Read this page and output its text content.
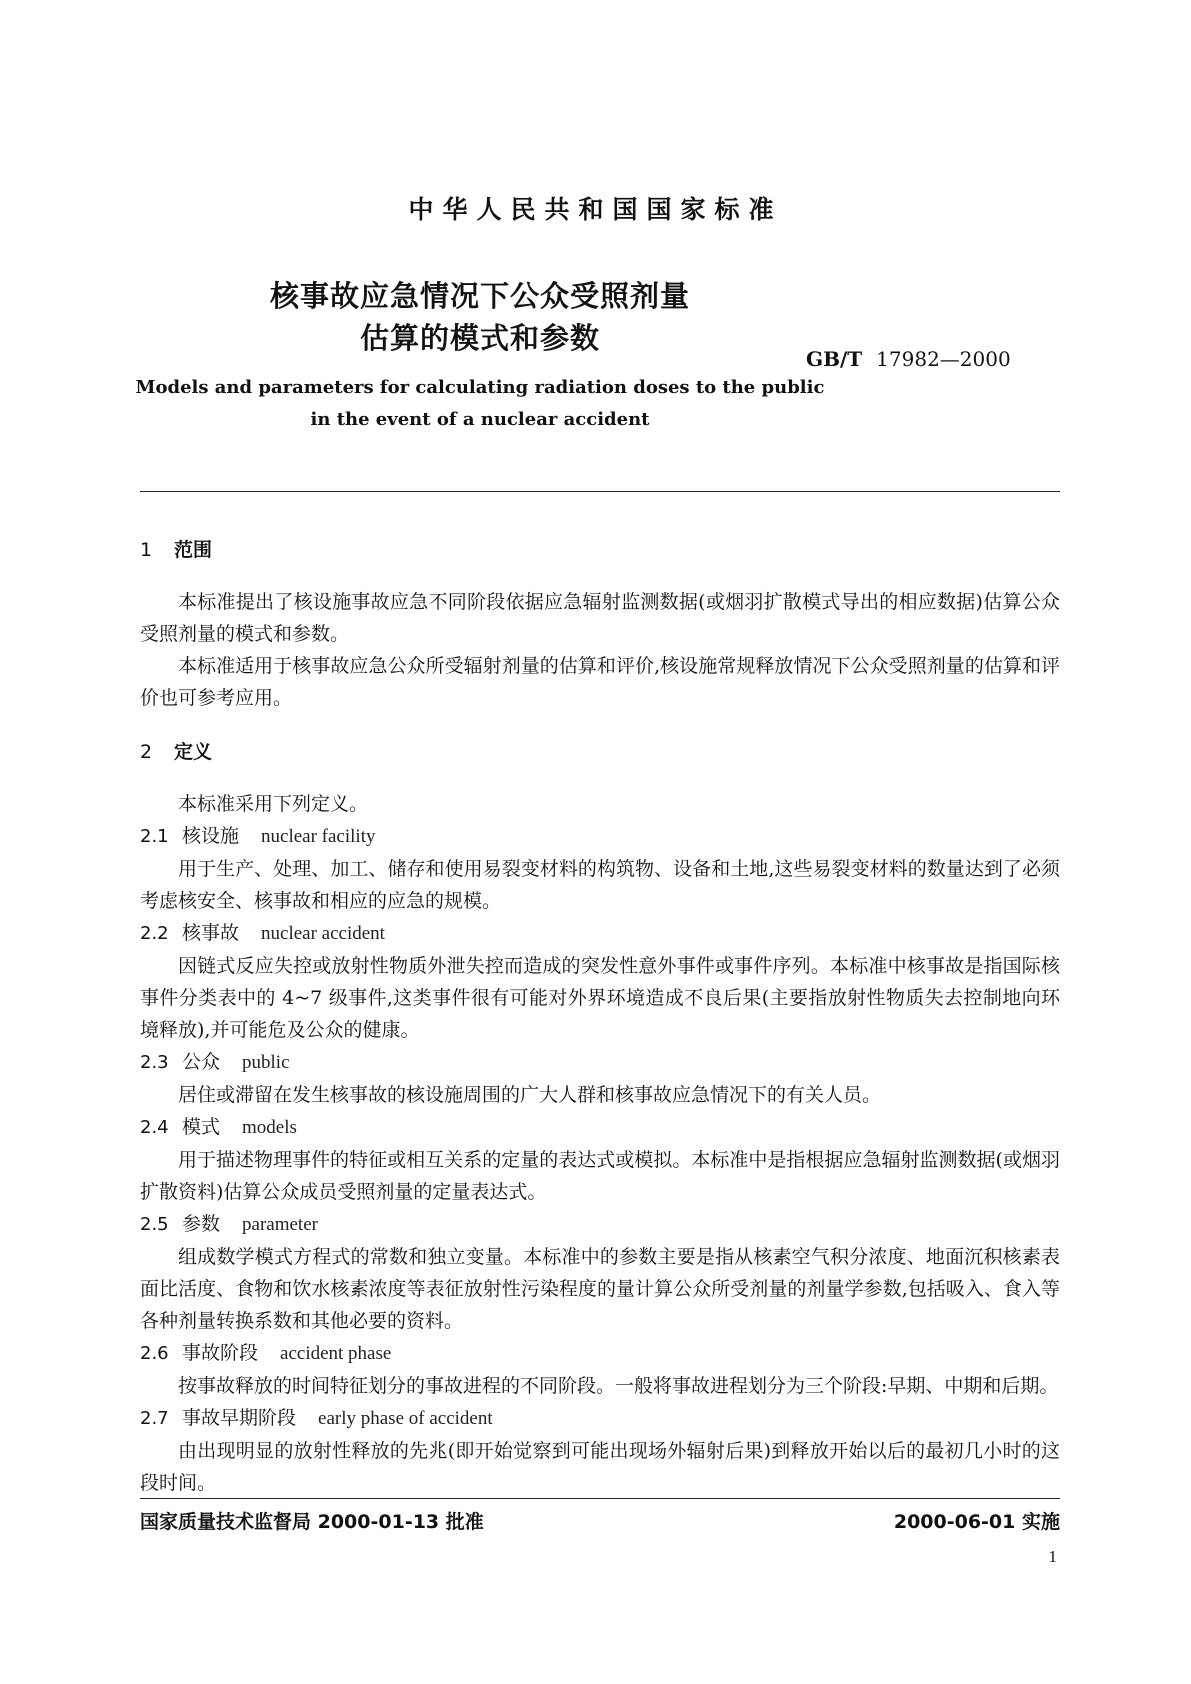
中华人民共和国国家标准
核事故应急情况下公众受照剂量
估算的模式和参数
GB/T 17982—2000
Models and parameters for calculating radiation doses to the public
in the event of a nuclear accident
1 范围

本标准提出了核设施事故应急不同阶段依据应急辐射监测数据(或烟羽扩散模式导出的相应数据)估算公众受照剂量的模式和参数。

本标准适用于核事故应急公众所受辐射剂量的估算和评价,核设施常规释放情况下公众受照剂量的估算和评价也可参考应用。

2 定义

本标准采用下列定义。

2.1 核设施 nuclear facility

用于生产、处理、加工、储存和使用易裂变材料的构筑物、设备和土地,这些易裂变材料的数量达到了必须考虑核安全、核事故和相应的应急的规模。

2.2 核事故 nuclear accident

因链式反应失控或放射性物质外泄失控而造成的突发性意外事件或事件序列。本标准中核事故是指国际核事件分类表中的 4~7 级事件,这类事件很有可能对外界环境造成不良后果(主要指放射性物质失去控制地向环境释放),并可能危及公众的健康。

2.3 公众 public

居住或滞留在发生核事故的核设施周围的广大人群和核事故应急情况下的有关人员。

2.4 模式 models

用于描述物理事件的特征或相互关系的定量的表达式或模拟。本标准中是指根据应急辐射监测数据(或烟羽扩散资料)估算公众成员受照剂量的定量表达式。

2.5 参数 parameter

组成数学模式方程式的常数和独立变量。本标准中的参数主要是指从核素空气积分浓度、地面沉积核素表面比活度、食物和饮水核素浓度等表征放射性污染程度的量计算公众所受剂量的剂量学参数,包括吸入、食入等各种剂量转换系数和其他必要的资料。

2.6 事故阶段 accident phase

按事故释放的时间特征划分的事故进程的不同阶段。一般将事故进程划分为三个阶段:早期、中期和后期。

2.7 事故早期阶段 early phase of accident

由出现明显的放射性释放的先兆(即开始觉察到可能出现场外辐射后果)到释放开始以后的最初几小时的这段时间。

国家质量技术监督局 2000-01-13 批准	2000-06-01 实施
1
